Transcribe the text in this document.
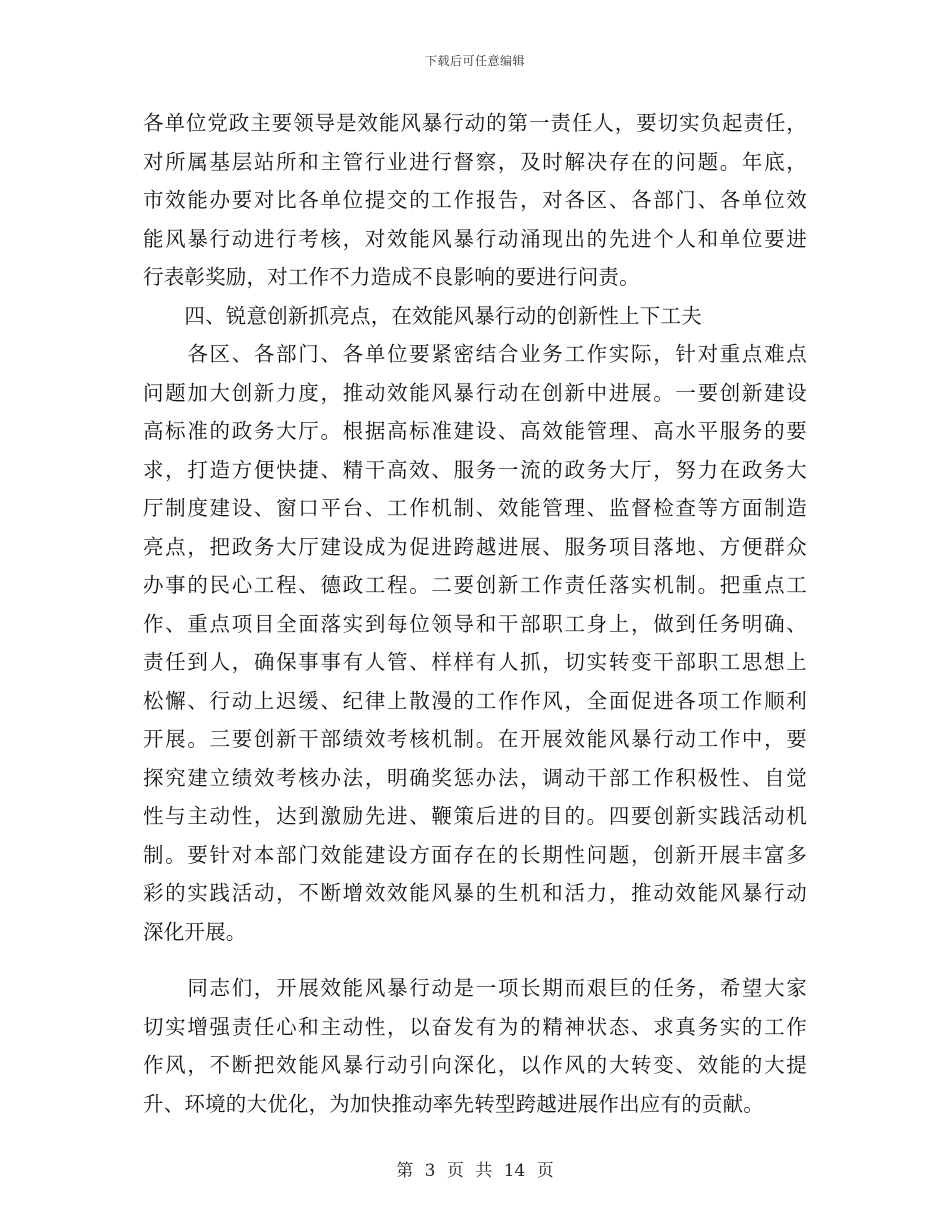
下载后可任意编辑
各单位党政主要领导是效能风暴行动的第一责任人，要切实负起责任，
对所属基层站所和主管行业进行督察，及时解决存在的问题。年底，
市效能办要对比各单位提交的工作报告，对各区、各部门、各单位效
能风暴行动进行考核，对效能风暴行动涌现出的先进个人和单位要进
行表彰奖励，对工作不力造成不良影响的要进行问责。
　　四、锐意创新抓亮点，在效能风暴行动的创新性上下工夫
　　各区、各部门、各单位要紧密结合业务工作实际，针对重点难点
问题加大创新力度，推动效能风暴行动在创新中进展。一要创新建设
高标准的政务大厅。根据高标准建设、高效能管理、高水平服务的要
求，打造方便快捷、精干高效、服务一流的政务大厅，努力在政务大
厅制度建设、窗口平台、工作机制、效能管理、监督检查等方面制造
亮点，把政务大厅建设成为促进跨越进展、服务项目落地、方便群众
办事的民心工程、德政工程。二要创新工作责任落实机制。把重点工
作、重点项目全面落实到每位领导和干部职工身上，做到任务明确、
责任到人，确保事事有人管、样样有人抓，切实转变干部职工思想上
松懈、行动上迟缓、纪律上散漫的工作作风，全面促进各项工作顺利
开展。三要创新干部绩效考核机制。在开展效能风暴行动工作中，要
探究建立绩效考核办法，明确奖惩办法，调动干部工作积极性、自觉
性与主动性，达到激励先进、鞭策后进的目的。四要创新实践活动机
制。要针对本部门效能建设方面存在的长期性问题，创新开展丰富多
彩的实践活动，不断增效效能风暴的生机和活力，推动效能风暴行动
深化开展。
　　同志们，开展效能风暴行动是一项长期而艰巨的任务，希望大家
切实增强责任心和主动性，以奋发有为的精神状态、求真务实的工作
作风，不断把效能风暴行动引向深化，以作风的大转变、效能的大提
升、环境的大优化，为加快推动率先转型跨越进展作出应有的贡献。
第 3 页 共 14 页
